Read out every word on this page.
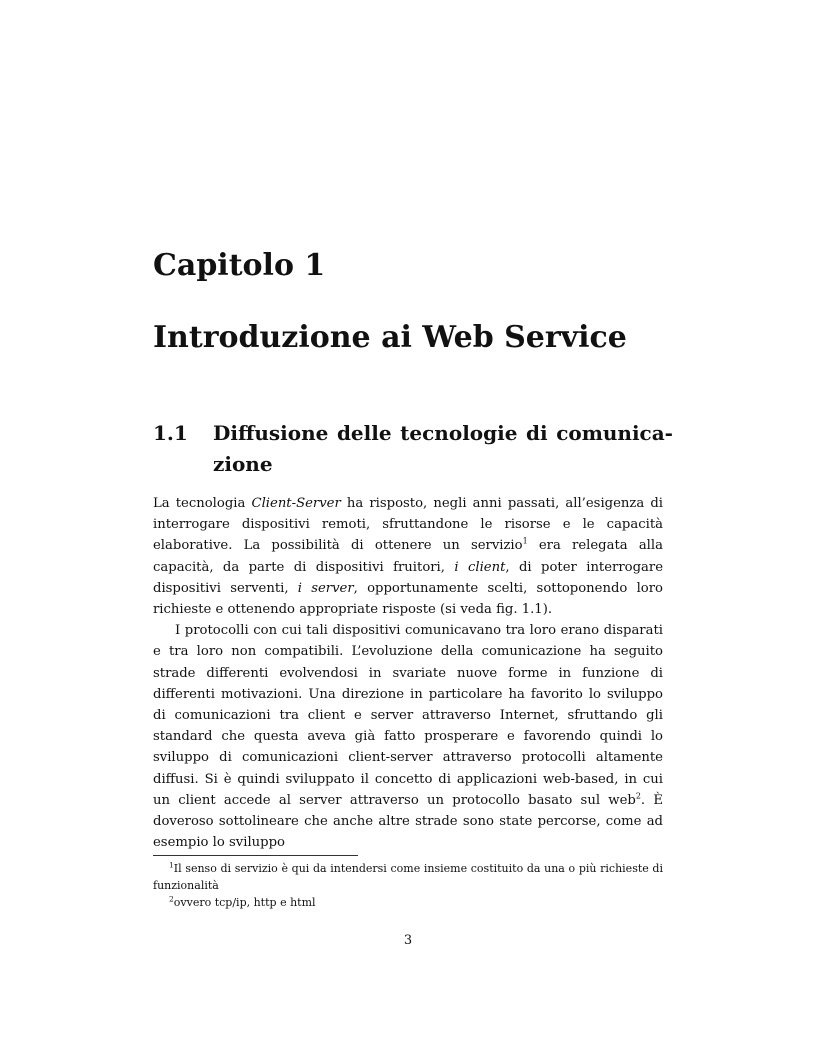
Capitolo 1
Introduzione ai Web Service
1.1	Diffusione delle tecnologie di comunica-zione

La tecnologia Client-Server ha risposto, negli anni passati, all’esigenza di interrogare dispositivi remoti, sfruttandone le risorse e le capacità elaborative. La possibilità di ottenere un servizio$^1$ era relegata alla capacità, da parte di dispositivi fruitori, i client, di poter interrogare dispositivi serventi, i server, opportunamente scelti, sottoponendo loro richieste e ottenendo appropriate risposte (si veda fig. 1.1).

I protocolli con cui tali dispositivi comunicavano tra loro erano disparati e tra loro non compatibili. L’evoluzione della comunicazione ha seguito strade differenti evolvendosi in svariate nuove forme in funzione di differenti motivazioni. Una direzione in particolare ha favorito lo sviluppo di comunicazioni tra client e server attraverso Internet, sfruttando gli standard che questa aveva già fatto prosperare e favorendo quindi lo sviluppo di comunicazioni client-server attraverso protocolli altamente diffusi. Si è quindi sviluppato il concetto di applicazioni web-based, in cui un client accede al server attraverso un protocollo basato sul web$^2$. È doveroso sottolineare che anche altre strade sono state percorse, come ad esempio lo sviluppo

$^1$Il senso di servizio è qui da intendersi come insieme costituito da una o più richieste di funzionalità

$^2$ovvero tcp/ip, http e html

3
